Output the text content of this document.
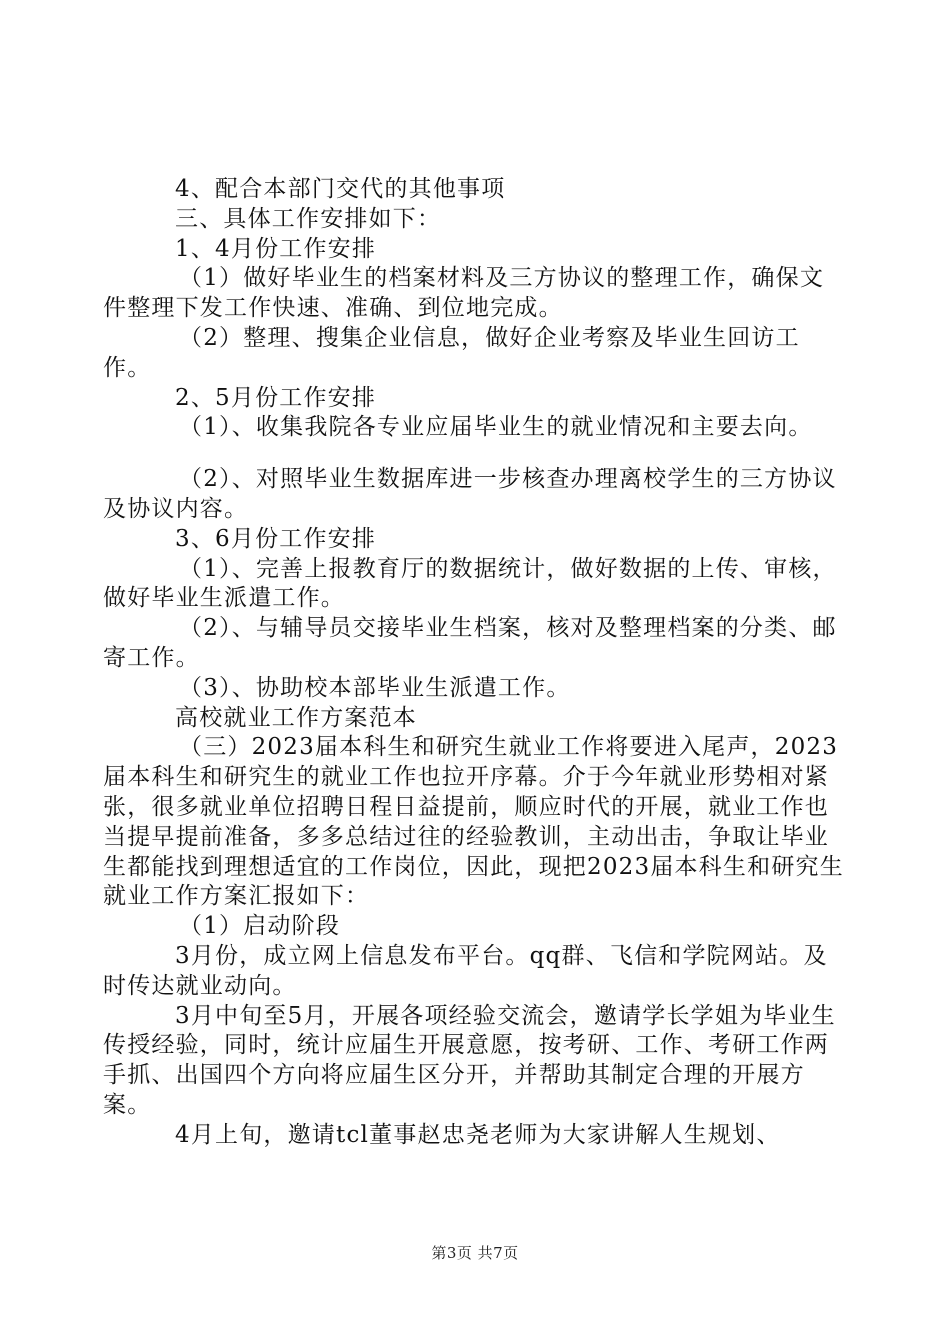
4、配合本部门交代的其他事项

三、具体工作安排如下：

1、4月份工作安排

（1）做好毕业生的档案材料及三方协议的整理工作，确保文件整理下发工作快速、准确、到位地完成。

（2）整理、搜集企业信息，做好企业考察及毕业生回访工作。

2、5月份工作安排

（1）、收集我院各专业应届毕业生的就业情况和主要去向。

（2）、对照毕业生数据库进一步核查办理离校学生的三方协议及协议内容。

3、6月份工作安排

（1）、完善上报教育厅的数据统计，做好数据的上传、审核，做好毕业生派遣工作。

（2）、与辅导员交接毕业生档案，核对及整理档案的分类、邮寄工作。

（3）、协助校本部毕业生派遣工作。

高校就业工作方案范本

（三）2023届本科生和研究生就业工作将要进入尾声，2023届本科生和研究生的就业工作也拉开序幕。介于今年就业形势相对紧张，很多就业单位招聘日程日益提前，顺应时代的开展，就业工作也当提早提前准备，多多总结过往的经验教训，主动出击，争取让毕业生都能找到理想适宜的工作岗位，因此，现把2023届本科生和研究生就业工作方案汇报如下：

（1）启动阶段

3月份，成立网上信息发布平台。qq群、飞信和学院网站。及时传达就业动向。

3月中旬至5月，开展各项经验交流会，邀请学长学姐为毕业生传授经验，同时，统计应届生开展意愿，按考研、工作、考研工作两手抓、出国四个方向将应届生区分开，并帮助其制定合理的开展方案。

4月上旬，邀请tcl董事赵忠尧老师为大家讲解人生规划、

第3页 共7页
